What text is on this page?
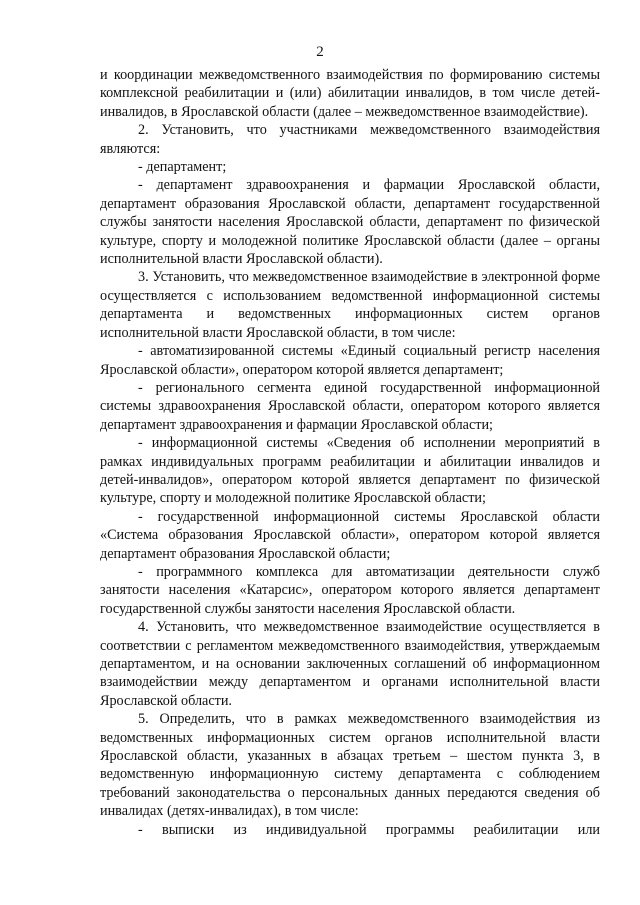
2

и координации межведомственного взаимодействия по формированию системы комплексной реабилитации и (или) абилитации инвалидов, в том числе детей-инвалидов, в Ярославской области (далее – межведомственное взаимодействие).

2. Установить, что участниками межведомственного взаимодействия являются:

- департамент;

- департамент здравоохранения и фармации Ярославской области, департамент образования Ярославской области, департамент государственной службы занятости населения Ярославской области, департамент по физической культуре, спорту и молодежной политике Ярославской области (далее – органы исполнительной власти Ярославской области).

3. Установить, что межведомственное взаимодействие в электронной форме осуществляется с использованием ведомственной информационной системы департамента и ведомственных информационных систем органов исполнительной власти Ярославской области, в том числе:

- автоматизированной системы «Единый социальный регистр населения Ярославской области», оператором которой является департамент;

- регионального сегмента единой государственной информационной системы здравоохранения Ярославской области, оператором которого является департамент здравоохранения и фармации Ярославской области;

- информационной системы «Сведения об исполнении мероприятий в рамках индивидуальных программ реабилитации и абилитации инвалидов и детей-инвалидов», оператором которой является департамент по физической культуре, спорту и молодежной политике Ярославской области;

- государственной информационной системы Ярославской области «Система образования Ярославской области», оператором которой является департамент образования Ярославской области;

- программного комплекса для автоматизации деятельности служб занятости населения «Катарсис», оператором которого является департамент государственной службы занятости населения Ярославской области.

4. Установить, что межведомственное взаимодействие осуществляется в соответствии с регламентом межведомственного взаимодействия, утверждаемым департаментом, и на основании заключенных соглашений об информационном взаимодействии между департаментом и органами исполнительной власти Ярославской области.

5. Определить, что в рамках межведомственного взаимодействия из ведомственных информационных систем органов исполнительной власти Ярославской области, указанных в абзацах третьем – шестом пункта 3, в ведомственную информационную систему департамента с соблюдением требований законодательства о персональных данных передаются сведения об инвалидах (детях-инвалидах), в том числе:

- выписки из индивидуальной программы реабилитации или
